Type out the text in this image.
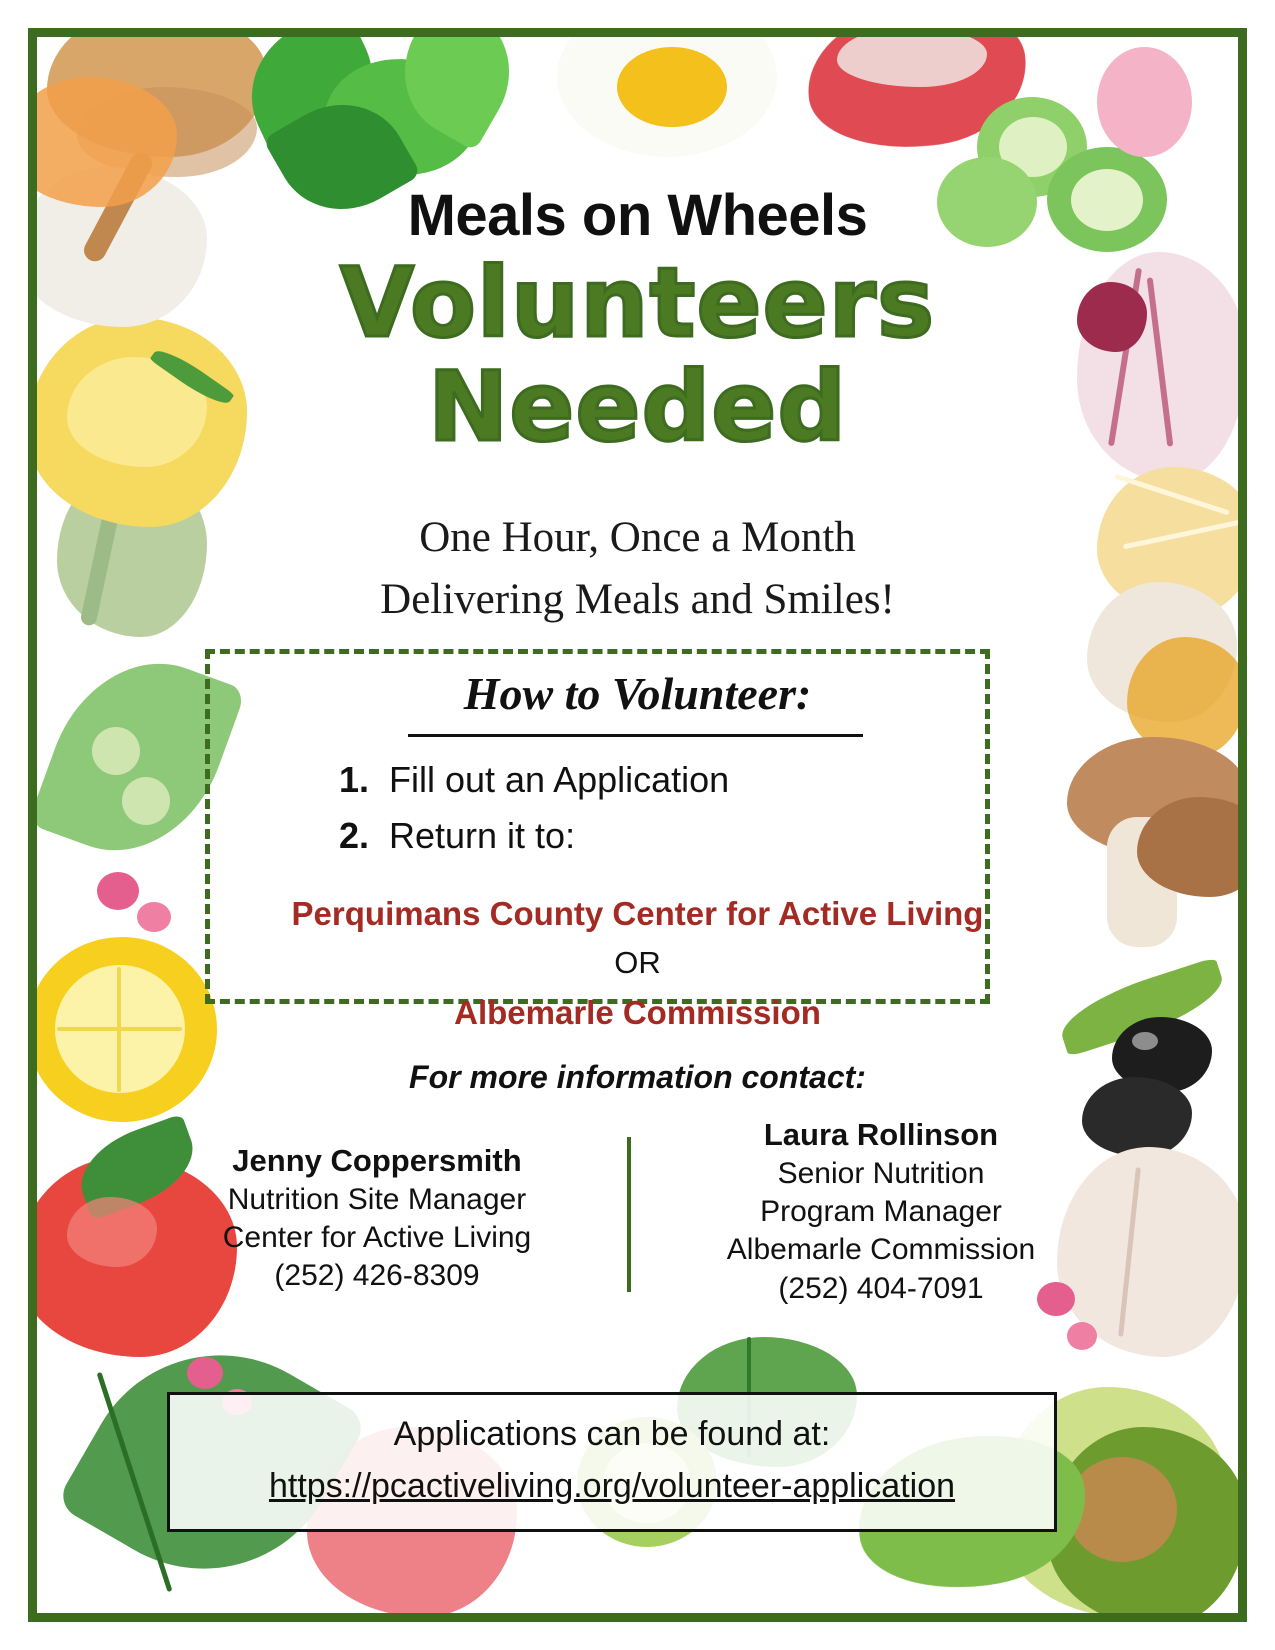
Meals on Wheels
Volunteers
Needed
One Hour, Once a Month
Delivering Meals and Smiles!
How to Volunteer:
1. Fill out an Application
2. Return it to:
Perquimans County Center for Active Living
OR
Albemarle Commission
For more information contact:
Jenny Coppersmith
Nutrition Site Manager
Center for Active Living
(252) 426-8309
Laura Rollinson
Senior Nutrition
Program Manager
Albemarle Commission
(252) 404-7091
Applications can be found at:
https://pcactiveliving.org/volunteer-application
